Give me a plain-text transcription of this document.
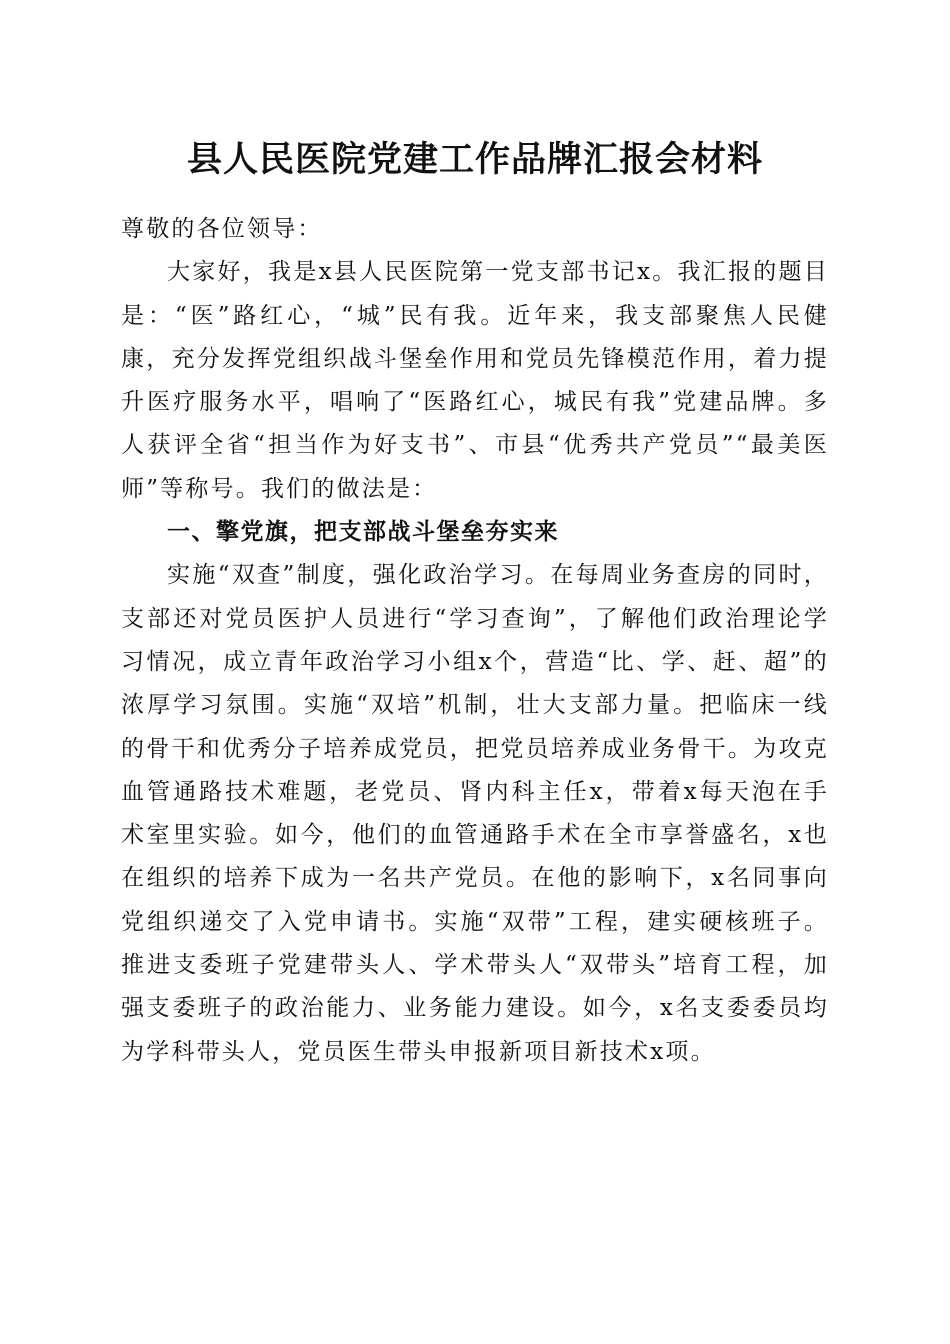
县人民医院党建工作品牌汇报会材料

尊敬的各位领导：

大家好，我是x县人民医院第一党支部书记x。我汇报的题目是：“医”路红心，“城”民有我。近年来，我支部聚焦人民健康，充分发挥党组织战斗堡垒作用和党员先锋模范作用，着力提升医疗服务水平，唱响了“医路红心，城民有我”党建品牌。多人获评全省“担当作为好支书”、市县“优秀共产党员”“最美医师”等称号。我们的做法是：

一、擎党旗，把支部战斗堡垒夯实来

实施“双查”制度，强化政治学习。在每周业务查房的同时，支部还对党员医护人员进行“学习查询”，了解他们政治理论学习情况，成立青年政治学习小组x个，营造“比、学、赶、超”的浓厚学习氛围。实施“双培”机制，壮大支部力量。把临床一线的骨干和优秀分子培养成党员，把党员培养成业务骨干。为攻克血管通路技术难题，老党员、肾内科主任x，带着x每天泡在手术室里实验。如今，他们的血管通路手术在全市享誉盛名，x也在组织的培养下成为一名共产党员。在他的影响下，x名同事向党组织递交了入党申请书。实施“双带”工程，建实硬核班子。推进支委班子党建带头人、学术带头人“双带头”培育工程，加强支委班子的政治能力、业务能力建设。如今，x名支委委员均为学科带头人，党员医生带头申报新项目新技术x项。
